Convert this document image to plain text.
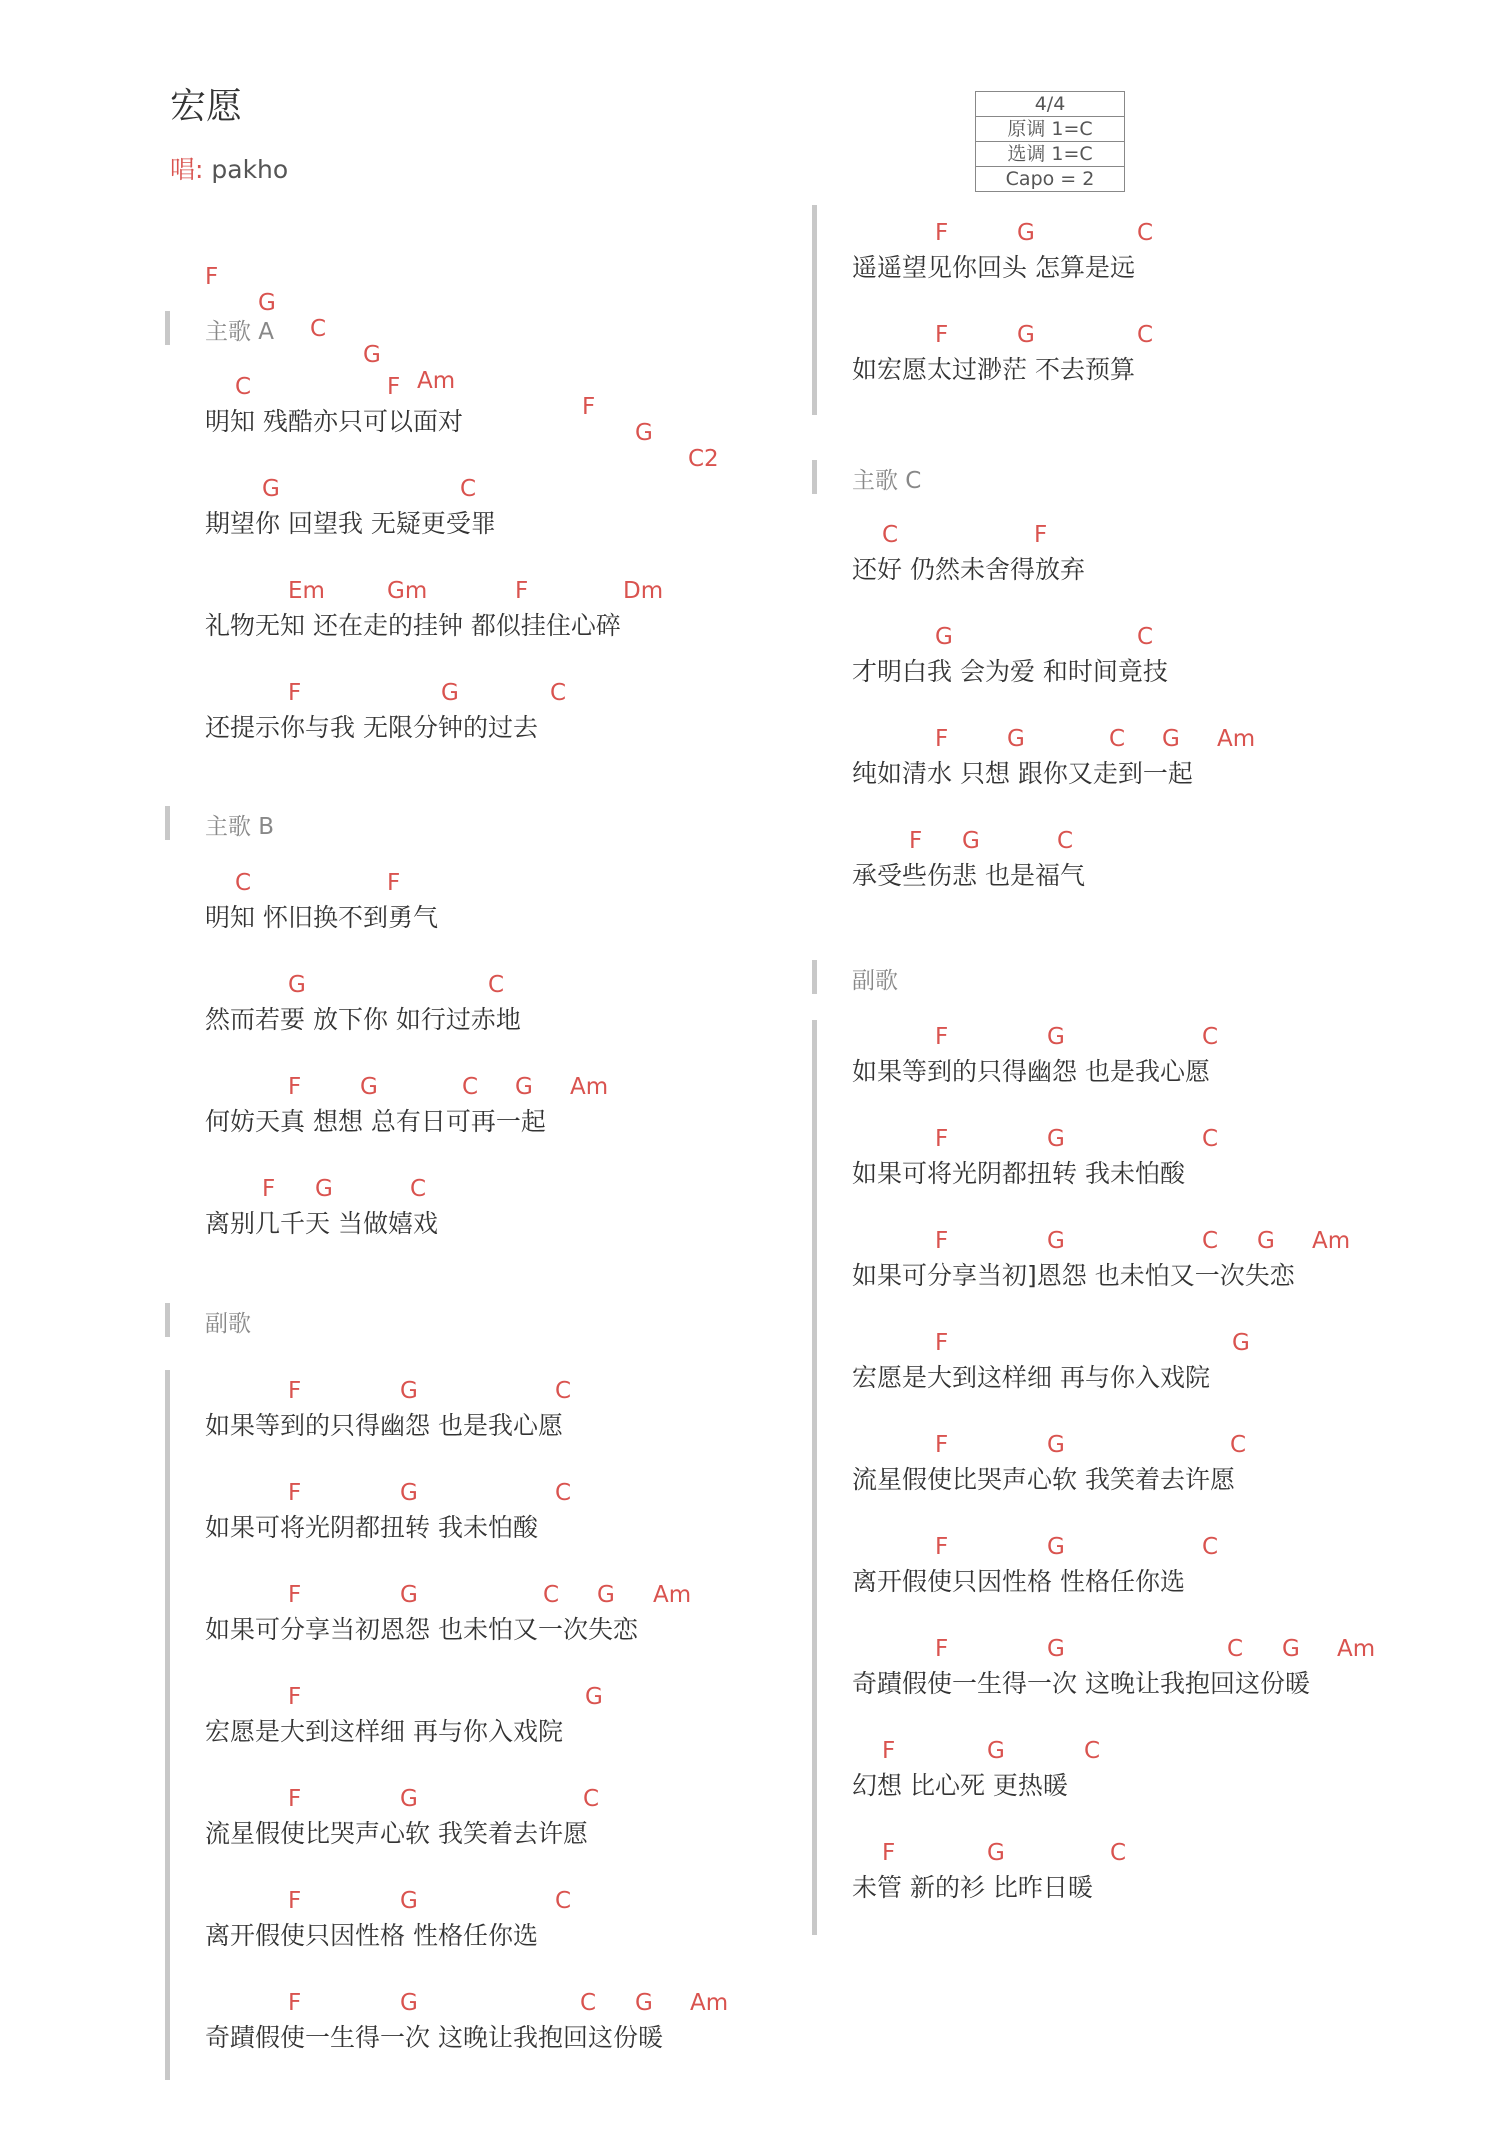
宏愿
唱: pakho
4/4
原调 1=C
选调 1=C
Capo = 2

F

G

C

G

Am

F

G

C2

主歌 A
C	F
明知 残酷亦只可以面对
G	C
期望你 回望我 无疑更受罪
Em	Gm	F	Dm
礼物无知 还在走的挂钟 都似挂住心碎
F	G	C
还提示你与我 无限分钟的过去
主歌 B
C	F
明知 怀旧换不到勇气
G	C
然而若要 放下你 如行过赤地
F	G	C G Am
何妨天真 想想 总有日可再一起
F G	C
离别几千天 当做嬉戏
副歌
F	G	C
如果等到的只得幽怨 也是我心愿
F	G	C
如果可将光阴都扭转 我未怕酸
F	G	C G Am
如果可分享当初恩怨 也未怕又一次失恋
F	G
宏愿是大到这样细 再与你入戏院
F	G	C
流星假使比哭声心软 我笑着去许愿
F	G	C
离开假使只因性格 性格任你选
F	G	C G Am
奇蹟假使一生得一次 这晚让我抱回这份暖
F	G	C
遥遥望见你回头 怎算是远
F	G	C
如宏愿太过渺茫 不去预算
主歌 C
C	F
还好 仍然未舍得放弃
G	C
才明白我 会为爱 和时间竟技
F	G	C G Am
纯如清水 只想 跟你又走到一起
F G	C
承受些伤悲 也是福气
副歌
F	G	C
如果等到的只得幽怨 也是我心愿
F	G	C
如果可将光阴都扭转 我未怕酸
F	G	C G Am
如果可分享当初]恩怨 也未怕又一次失恋
F	G
宏愿是大到这样细 再与你入戏院
F	G	C
流星假使比哭声心软 我笑着去许愿
F	G	C
离开假使只因性格 性格任你选
F	G	C G Am
奇蹟假使一生得一次 这晚让我抱回这份暖
F	G	C
幻想 比心死 更热暖
F	G	C
未管 新的衫 比昨日暖
